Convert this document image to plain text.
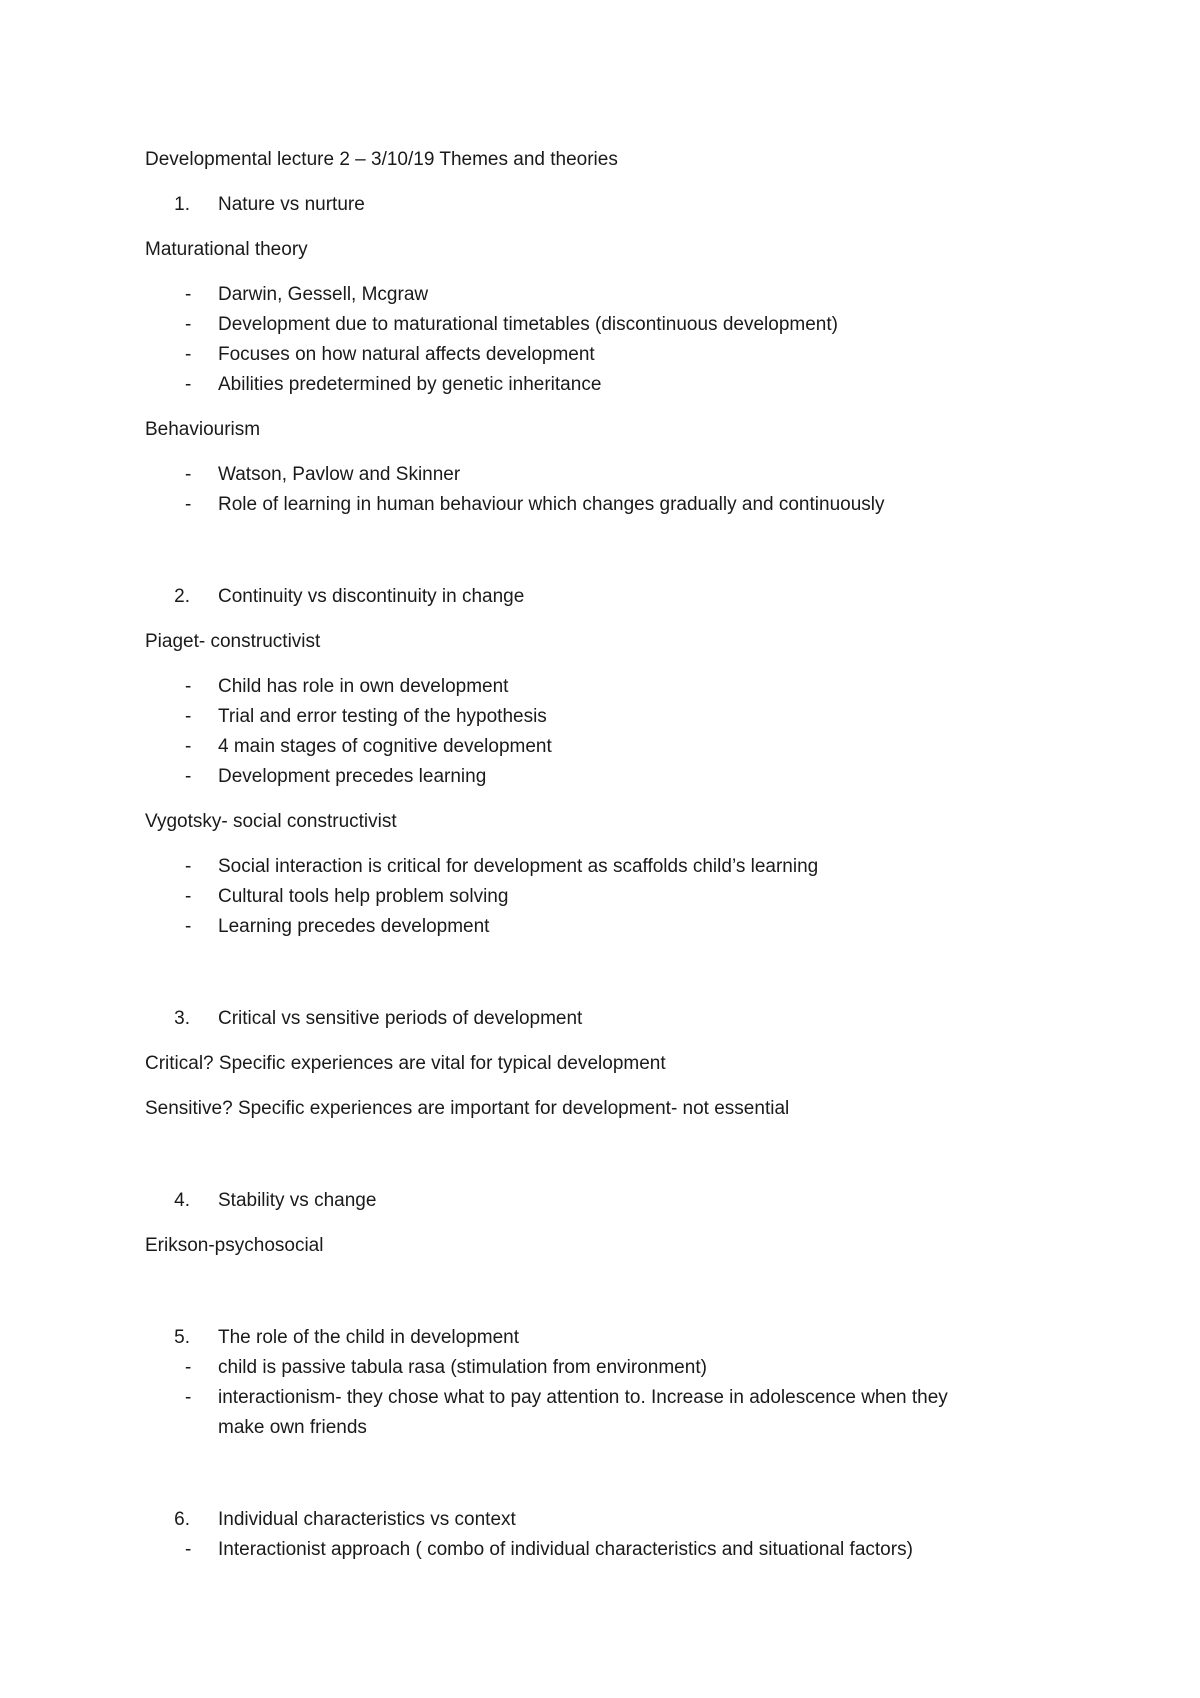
Developmental lecture 2 – 3/10/19 Themes and theories
1. Nature vs nurture
Maturational theory
- Darwin, Gessell, Mcgraw
- Development due to maturational timetables (discontinuous development)
- Focuses on how natural affects development
- Abilities predetermined by genetic inheritance
Behaviourism
- Watson, Pavlow and Skinner
- Role of learning in human behaviour which changes gradually and continuously
2. Continuity vs discontinuity in change
Piaget- constructivist
- Child has role in own development
- Trial and error testing of the hypothesis
- 4 main stages of cognitive development
- Development precedes learning
Vygotsky- social constructivist
- Social interaction is critical for development as scaffolds child’s learning
- Cultural tools help problem solving
- Learning precedes development
3. Critical vs sensitive periods of development
Critical? Specific experiences are vital for typical development
Sensitive? Specific experiences are important for development- not essential
4. Stability vs change
Erikson-psychosocial
5. The role of the child in development
- child is passive tabula rasa (stimulation from environment)
- interactionism- they chose what to pay attention to. Increase in adolescence when they
make own friends
6. Individual characteristics vs context
- Interactionist approach ( combo of individual characteristics and situational factors)
